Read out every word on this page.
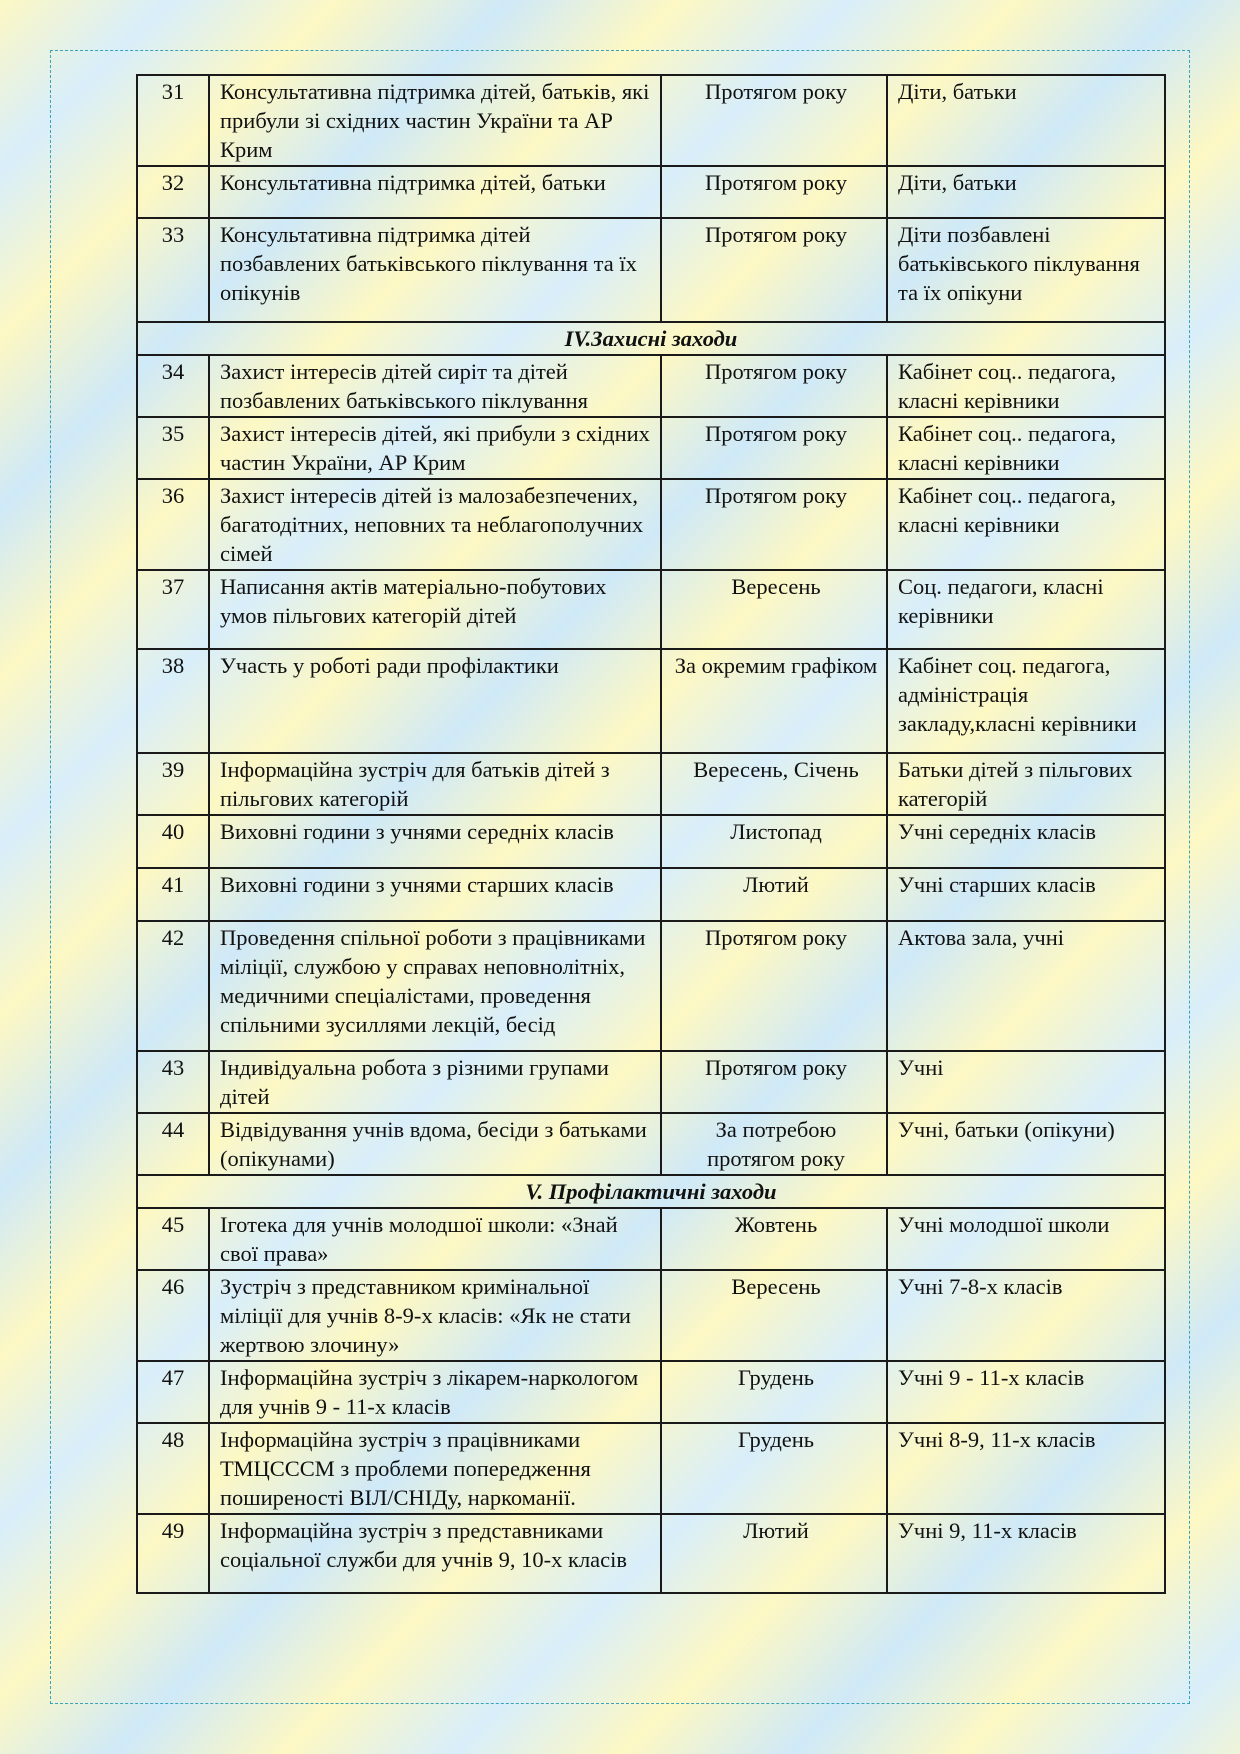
31	Консультативна підтримка дітей, батьків, які прибули зі східних частин України та АР Крим	Протягом року	Діти, батьки
32	Консультативна підтримка дітей, батьки	Протягом року	Діти, батьки
33	Консультативна підтримка дітей позбавлених батьківського піклування та їх опікунів	Протягом року	Діти позбавлені батьківського піклування та їх опікуни
IV.Захисні заходи			
34	Захист інтересів дітей сиріт та дітей позбавлених батьківського піклування	Протягом року	Кабінет соц.. педагога, класні керівники
35	Захист інтересів дітей, які прибули з східних частин України, АР Крим	Протягом року	Кабінет соц.. педагога, класні керівники
36	Захист інтересів дітей із малозабезпечених, багатодітних, неповних та неблагополучних сімей	Протягом року	Кабінет соц.. педагога, класні керівники
37	Написання актів матеріально-побутових умов пільгових категорій дітей	Вересень	Соц. педагоги, класні керівники
38	Участь у роботі ради профілактики	За окремим графіком	Кабінет соц. педагога, адміністрація закладу,класні керівники
39	Інформаційна зустріч для батьків дітей з пільгових категорій	Вересень, Січень	Батьки дітей з пільгових категорій
40	Виховні години з учнями середніх класів	Листопад	Учні середніх класів
41	Виховні години з учнями старших класів	Лютий	Учні старших класів
42	Проведення спільної роботи з працівниками міліції, службою у справах неповнолітніх, медичними спеціалістами, проведення спільними зусиллями лекцій, бесід	Протягом року	Актова зала, учні
43	Індивідуальна робота з різними групами дітей	Протягом року	Учні
44	Відвідування учнів вдома, бесіди з батьками (опікунами)	За потребою протягом року	Учні, батьки (опікуни)
V. Профілактичні заходи			
45	Іготека для учнів молодшої школи: «Знай свої права»	Жовтень	Учні молодшої школи
46	Зустріч з представником кримінальної міліції для учнів 8-9-х класів: «Як не стати жертвою злочину»	Вересень	Учні 7-8-х класів
47	Інформаційна зустріч з лікарем-наркологом для учнів 9 - 11-х класів	Грудень	Учні 9 - 11-х класів
48	Інформаційна зустріч з працівниками ТМЦСССМ з проблеми попередження поширеності ВІЛ/СНІДу, наркоманії.	Грудень	Учні 8-9, 11-х класів
49	Інформаційна зустріч з представниками соціальної служби для учнів 9, 10-х класів	Лютий	Учні 9, 11-х класів
